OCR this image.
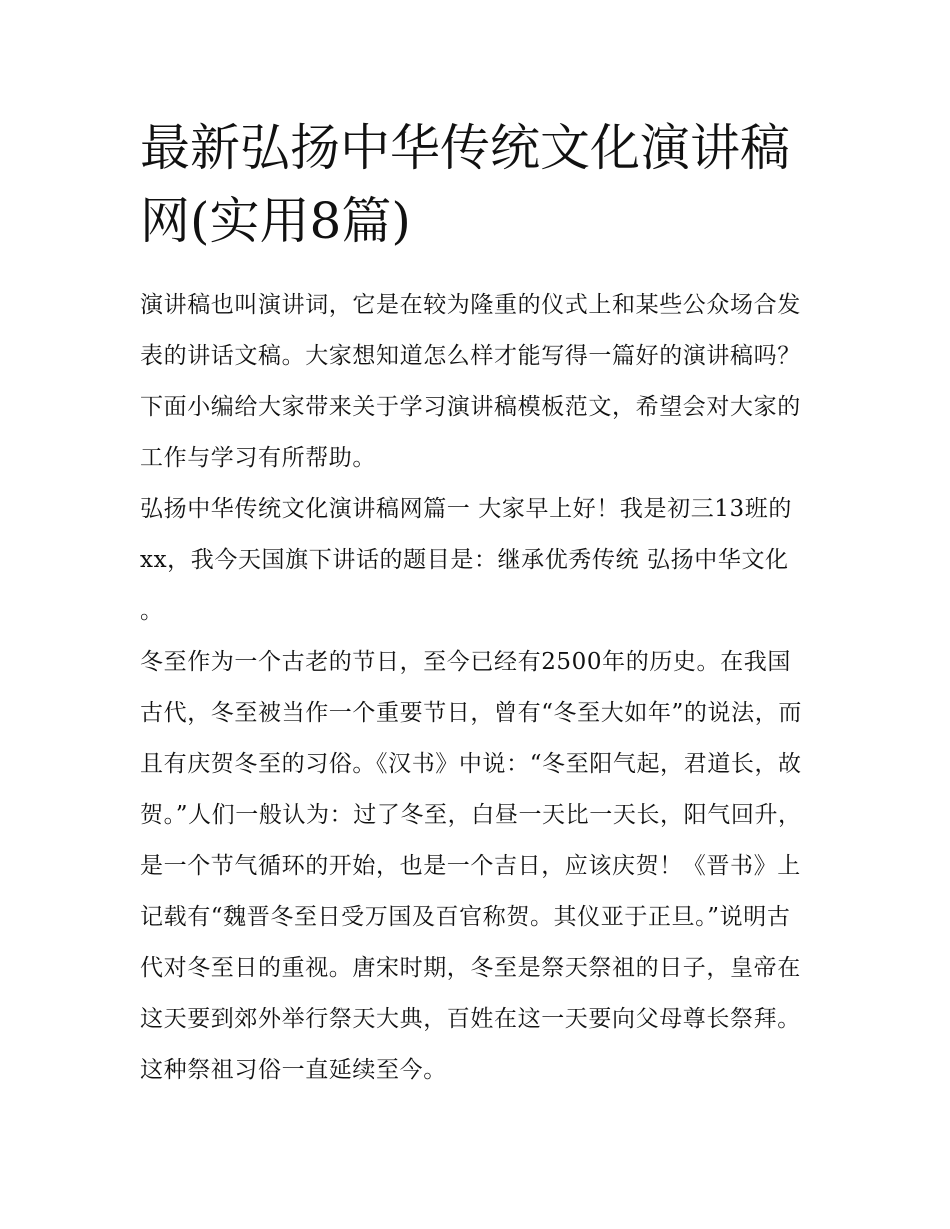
最新弘扬中华传统文化演讲稿网(实用8篇)

演讲稿也叫演讲词，它是在较为隆重的仪式上和某些公众场合发表的讲话文稿。大家想知道怎么样才能写得一篇好的演讲稿吗？下面小编给大家带来关于学习演讲稿模板范文，希望会对大家的工作与学习有所帮助。

弘扬中华传统文化演讲稿网篇一 大家早上好！我是初三13班的xx，我今天国旗下讲话的题目是：继承优秀传统 弘扬中华文化 。

冬至作为一个古老的节日，至今已经有2500年的历史。在我国古代，冬至被当作一个重要节日，曾有“冬至大如年”的说法，而且有庆贺冬至的习俗。《汉书》中说：“冬至阳气起，君道长，故贺。”人们一般认为：过了冬至，白昼一天比一天长，阳气回升，是一个节气循环的开始，也是一个吉日，应该庆贺！《晋书》上记载有“魏晋冬至日受万国及百官称贺。其仪亚于正旦。”说明古代对冬至日的重视。唐宋时期，冬至是祭天祭祖的日子，皇帝在这天要到郊外举行祭天大典，百姓在这一天要向父母尊长祭拜。这种祭祖习俗一直延续至今。
